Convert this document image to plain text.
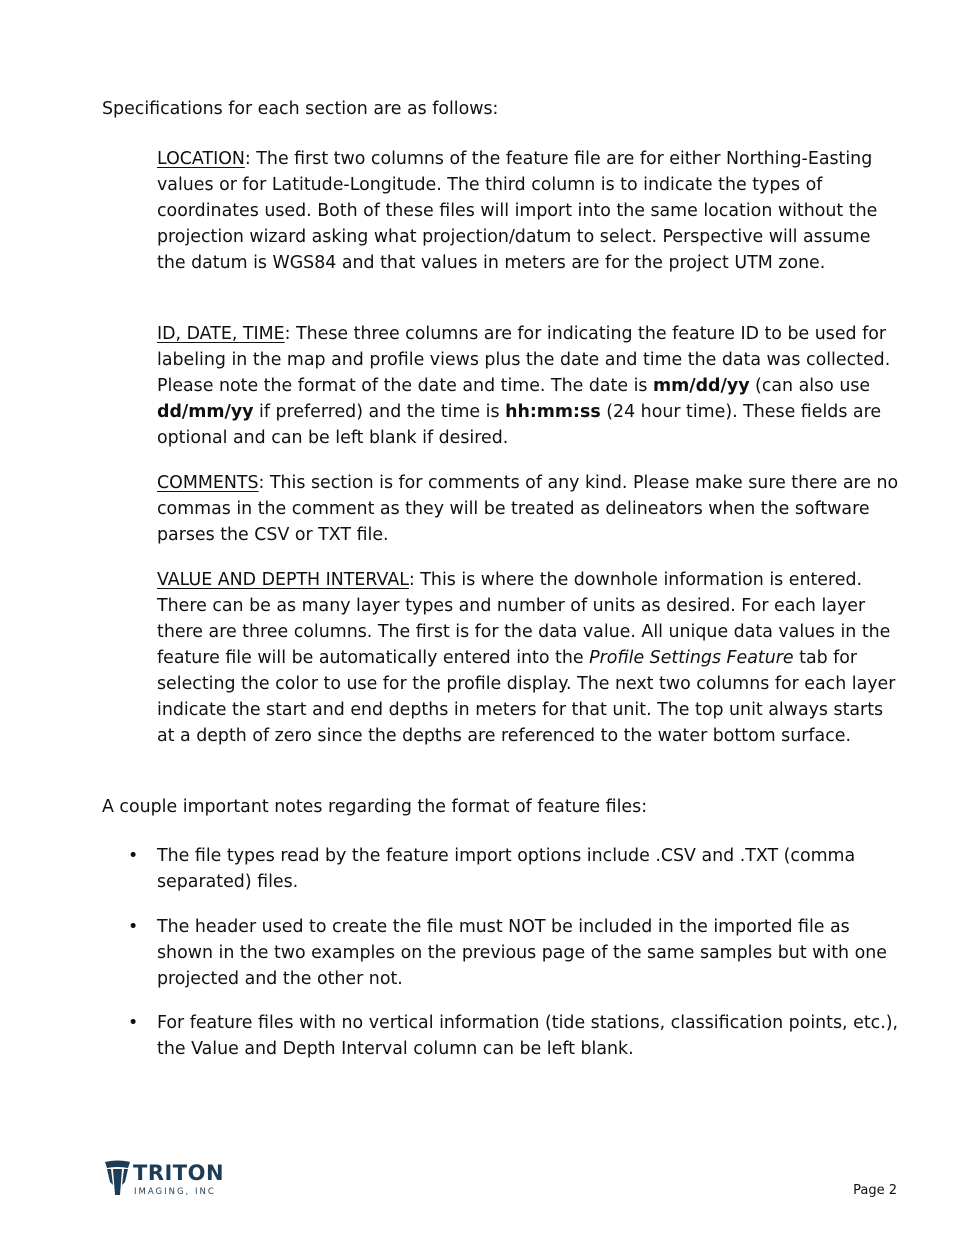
Specifications for each section are as follows:

LOCATION: The first two columns of the feature file are for either Northing-Easting values or for Latitude-Longitude. The third column is to indicate the types of coordinates used. Both of these files will import into the same location without the projection wizard asking what projection/datum to select. Perspective will assume the datum is WGS84 and that values in meters are for the project UTM zone.

ID, DATE, TIME: These three columns are for indicating the feature ID to be used for labeling in the map and profile views plus the date and time the data was collected. Please note the format of the date and time. The date is mm/dd/yy (can also use dd/mm/yy if preferred) and the time is hh:mm:ss (24 hour time). These fields are optional and can be left blank if desired.

COMMENTS: This section is for comments of any kind. Please make sure there are no commas in the comment as they will be treated as delineators when the software parses the CSV or TXT file.

VALUE AND DEPTH INTERVAL: This is where the downhole information is entered. There can be as many layer types and number of units as desired. For each layer there are three columns. The first is for the data value. All unique data values in the feature file will be automatically entered into the Profile Settings Feature tab for selecting the color to use for the profile display. The next two columns for each layer indicate the start and end depths in meters for that unit. The top unit always starts at a depth of zero since the depths are referenced to the water bottom surface.

A couple important notes regarding the format of feature files:
• The file types read by the feature import options include .CSV and .TXT (comma separated) files.
• The header used to create the file must NOT be included in the imported file as shown in the two examples on the previous page of the same samples but with one projected and the other not.
• For feature files with no vertical information (tide stations, classification points, etc.), the Value and Depth Interval column can be left blank.
TRITON
IMAGING, INC	Page 2
